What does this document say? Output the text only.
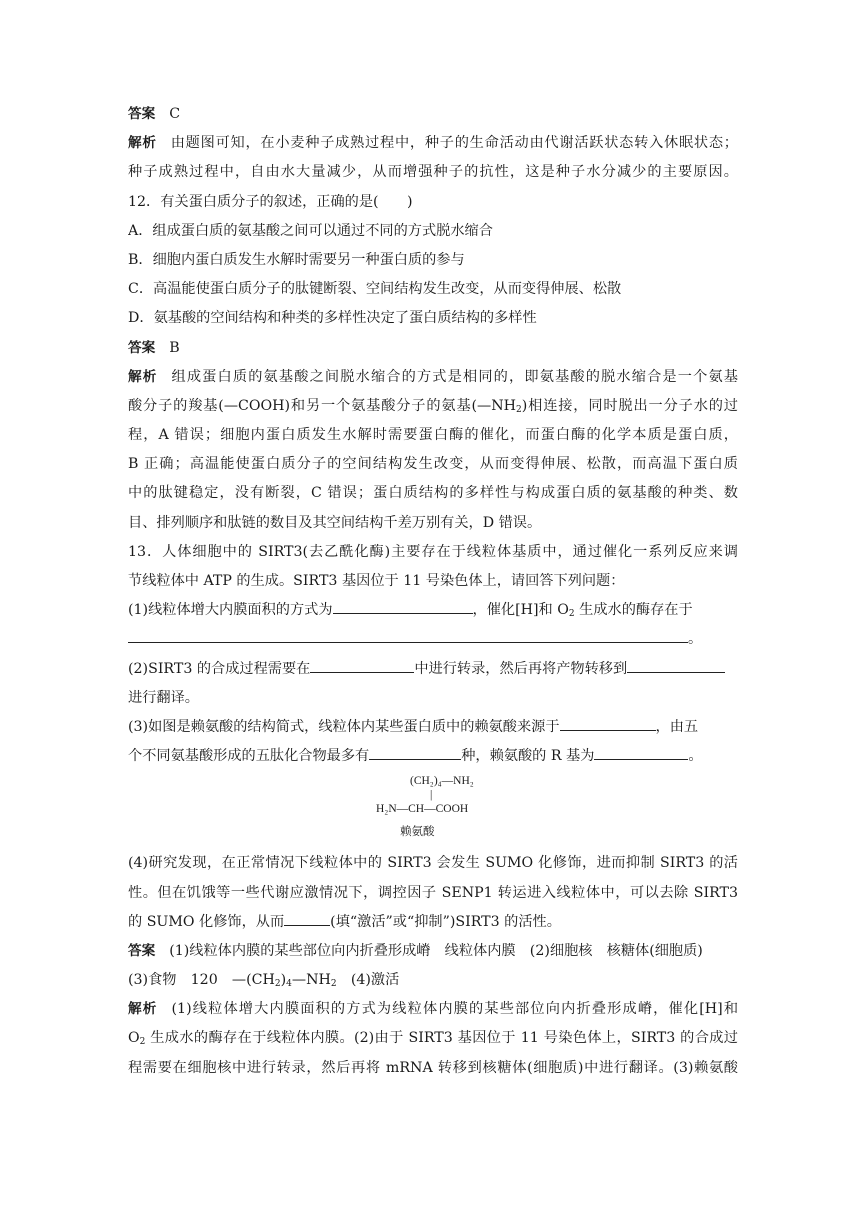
答案 C
解析 由题图可知，在小麦种子成熟过程中，种子的生命活动由代谢活跃状态转入休眠状态；
种子成熟过程中，自由水大量减少，从而增强种子的抗性，这是种子水分减少的主要原因。
12．有关蛋白质分子的叙述，正确的是(　　)
A．组成蛋白质的氨基酸之间可以通过不同的方式脱水缩合
B．细胞内蛋白质发生水解时需要另一种蛋白质的参与
C．高温能使蛋白质分子的肽键断裂、空间结构发生改变，从而变得伸展、松散
D．氨基酸的空间结构和种类的多样性决定了蛋白质结构的多样性
答案 B
解析 组成蛋白质的氨基酸之间脱水缩合的方式是相同的，即氨基酸的脱水缩合是一个氨基
酸分子的羧基(—COOH)和另一个氨基酸分子的氨基$(—NH_2)$相连接，同时脱出一分子水的过
程，A 错误；细胞内蛋白质发生水解时需要蛋白酶的催化，而蛋白酶的化学本质是蛋白质，
B 正确；高温能使蛋白质分子的空间结构发生改变，从而变得伸展、松散，而高温下蛋白质
中的肽键稳定，没有断裂，C 错误；蛋白质结构的多样性与构成蛋白质的氨基酸的种类、数
目、排列顺序和肽链的数目及其空间结构千差万别有关，D 错误。
13．人体细胞中的 SIRT3(去乙酰化酶)主要存在于线粒体基质中，通过催化一系列反应来调
节线粒体中 ATP 的生成。SIRT3 基因位于 11 号染色体上，请回答下列问题：
(1)线粒体增大内膜面积的方式为	，催化[H]和 $O_2$ 生成水的酶存在于
。
(2)SIRT3 的合成过程需要在	中进行转录，然后再将产物转移到
进行翻译。
(3)如图是赖氨酸的结构简式，线粒体内某些蛋白质中的赖氨酸来源于	，由五
个不同氨基酸形成的五肽化合物最多有	种，赖氨酸的 R 基为	。
(CH₂)₄—NH₂
|
H₂N—CH—COOH
赖氨酸
(4)研究发现，在正常情况下线粒体中的 SIRT3 会发生 SUMO 化修饰，进而抑制 SIRT3 的活
性。但在饥饿等一些代谢应激情况下，调控因子 SENP1 转运进入线粒体中，可以去除 SIRT3
的 SUMO 化修饰，从而	(填“激活”或“抑制”)SIRT3 的活性。
答案 (1)线粒体内膜的某些部位向内折叠形成嵴　线粒体内膜　(2)细胞核　核糖体(细胞质)
(3)食物　120　$—(CH_2)_4—NH_2$　(4)激活
解析 (1)线粒体增大内膜面积的方式为线粒体内膜的某些部位向内折叠形成嵴，催化[H]和
$O_2$ 生成水的酶存在于线粒体内膜。(2)由于 SIRT3 基因位于 11 号染色体上，SIRT3 的合成过
程需要在细胞核中进行转录，然后再将 mRNA 转移到核糖体(细胞质)中进行翻译。(3)赖氨酸
